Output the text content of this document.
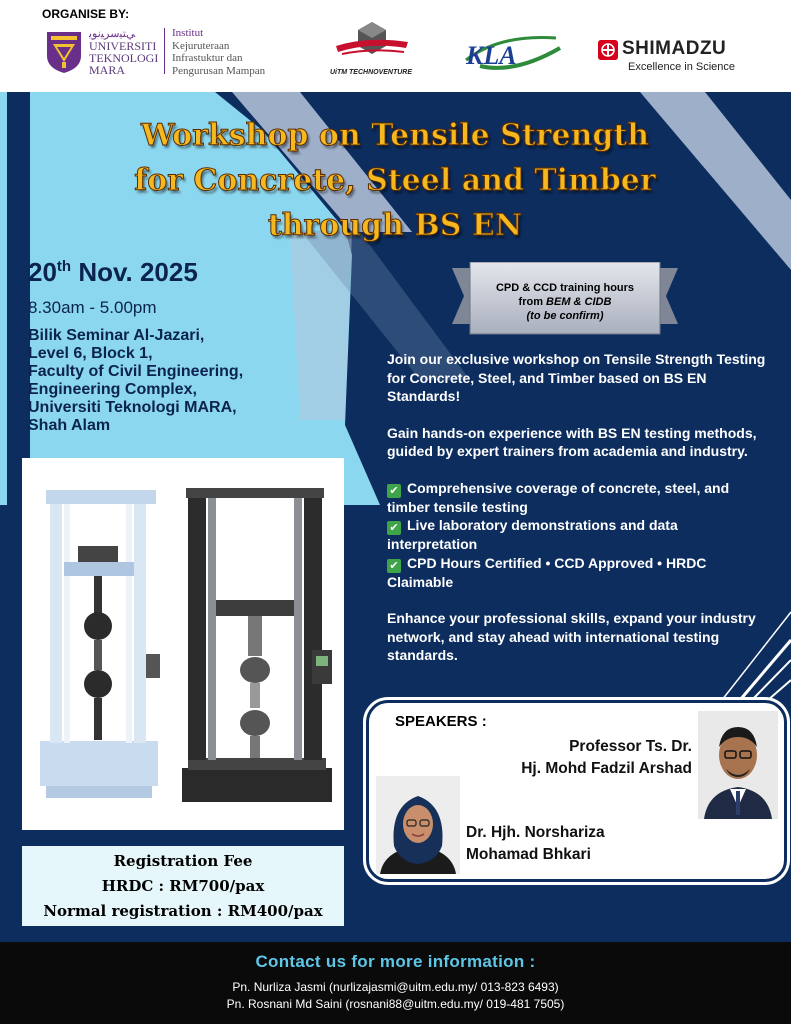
ORGANISE BY:
ﻲﺘﻴﺳﺮﻴﻧﻮﻳ
UNIVERSITI
TEKNOLOGI
MARA
Institut
Kejuruteraan
Infrastuktur dan
Pengurusan Mampan	UiTM TECHNOVENTURE
KLA	SHIMADZU
Excellence in Science
Workshop on Tensile Strength
for Concrete, Steel and Timber
through BS EN
20th Nov. 2025
8.30am - 5.00pm
Bilik Seminar Al-Jazari,
Level 6, Block 1,
Faculty of Civil Engineering,
Engineering Complex,
Universiti Teknologi MARA,
Shah Alam
CPD & CCD training hours
from BEM & CIDB
(to be confirm)

Join our exclusive workshop on Tensile Strength Testing for Concrete, Steel, and Timber based on BS EN Standards!

Gain hands-on experience with BS EN testing methods, guided by expert trainers from academia and industry.

✔ Comprehensive coverage of concrete, steel, and timber tensile testing
✔ Live laboratory demonstrations and data interpretation
✔ CPD Hours Certified • CCD Approved • HRDC Claimable

Enhance your professional skills, expand your industry network, and stay ahead with international testing standards.

Registration Fee
HRDC : RM700/pax
Normal registration : RM400/pax
SPEAKERS :
Professor Ts. Dr.
Hj. Mohd Fadzil Arshad
Dr. Hjh. Norshariza
Mohamad Bhkari
Contact us for more information :
Pn. Nurliza Jasmi (nurlizajasmi@uitm.edu.my/ 013-823 6493)
Pn. Rosnani Md Saini (rosnani88@uitm.edu.my/ 019-481 7505)
